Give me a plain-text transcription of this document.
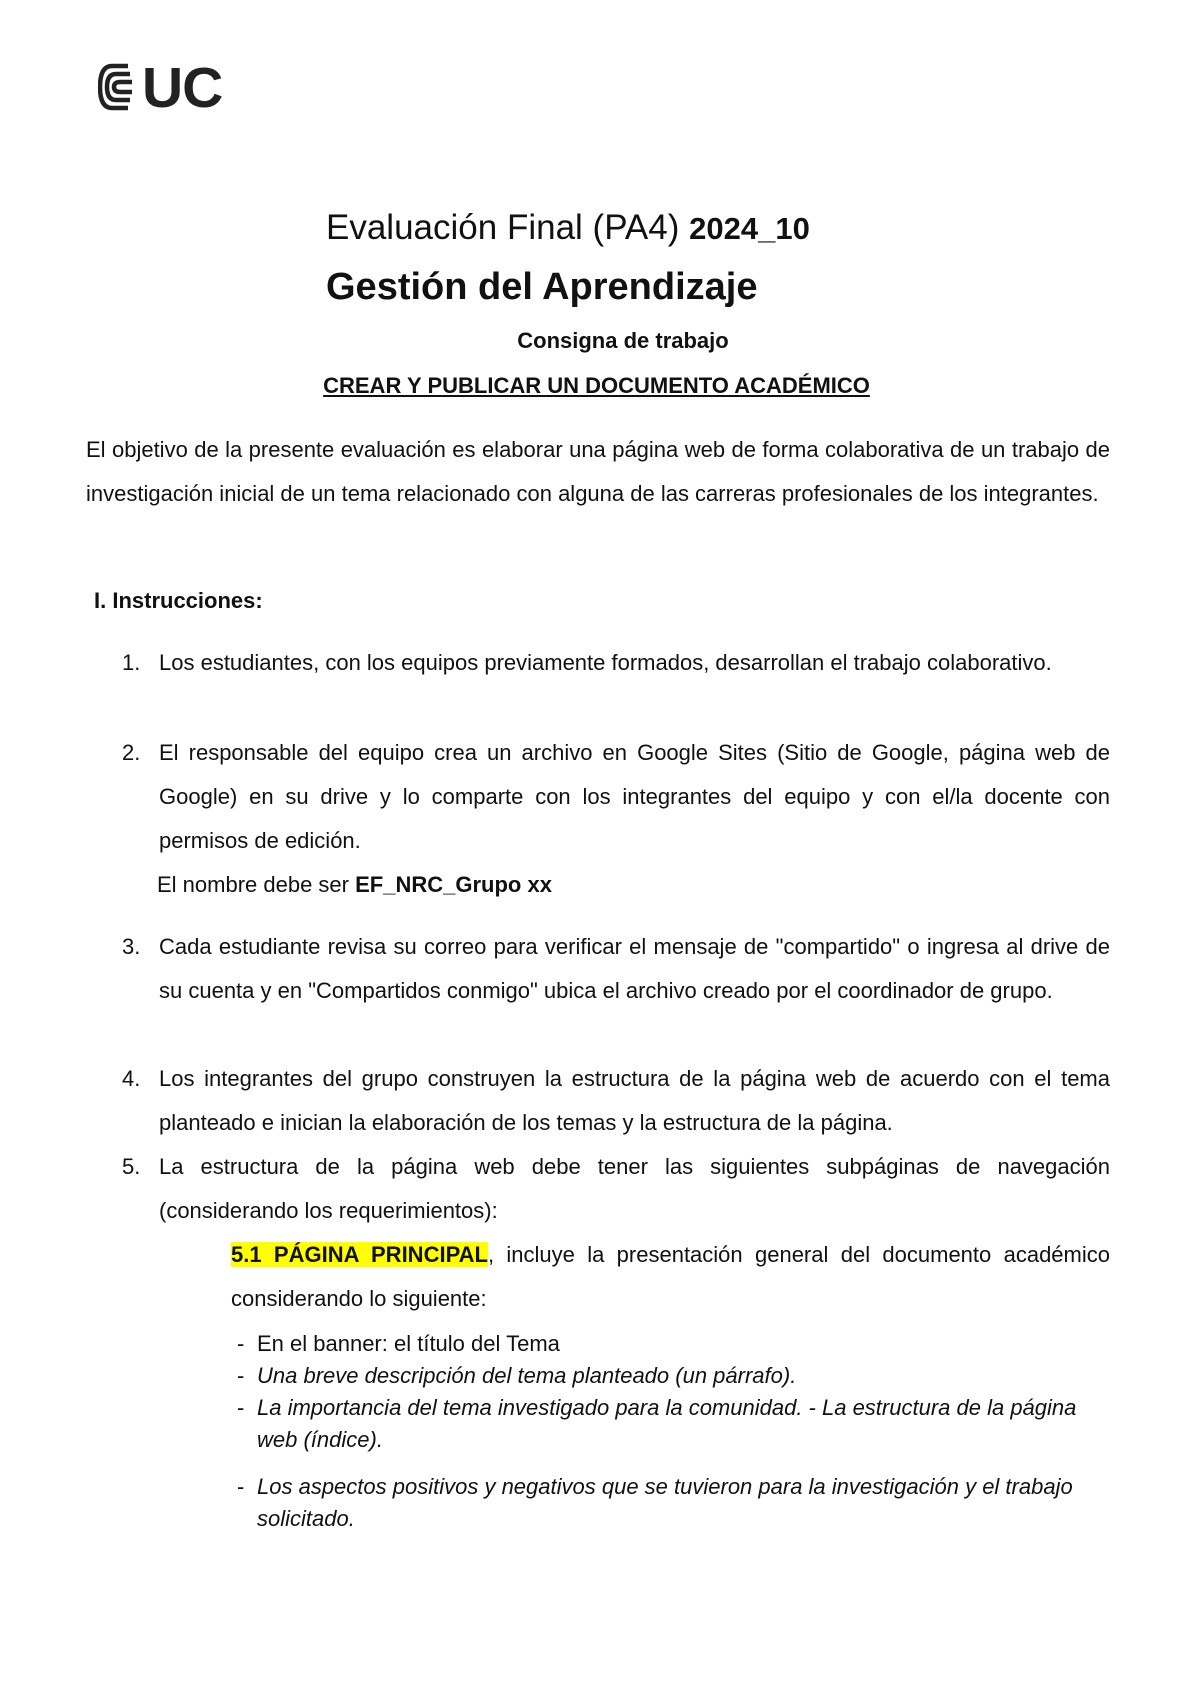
UC
Evaluación Final (PA4) 2024_10
Gestión del Aprendizaje
Consigna de trabajo
CREAR Y PUBLICAR UN DOCUMENTO ACADÉMICO
El objetivo de la presente evaluación es elaborar una página web de forma colaborativa de un trabajo de investigación inicial de un tema relacionado con alguna de las carreras profesionales de los integrantes.
I. Instrucciones:
1. Los estudiantes, con los equipos previamente formados, desarrollan el trabajo colaborativo.
2. El responsable del equipo crea un archivo en Google Sites (Sitio de Google, página web de Google) en su drive y lo comparte con los integrantes del equipo y con el/la docente con permisos de edición.
El nombre debe ser EF_NRC_Grupo xx
3. Cada estudiante revisa su correo para verificar el mensaje de "compartido" o ingresa al drive de su cuenta y en "Compartidos conmigo" ubica el archivo creado por el coordinador de grupo.
4. Los integrantes del grupo construyen la estructura de la página web de acuerdo con el tema planteado e inician la elaboración de los temas y la estructura de la página.
5. La estructura de la página web debe tener las siguientes subpáginas de navegación (considerando los requerimientos):
5.1 PÁGINA PRINCIPAL, incluye la presentación general del documento académico considerando lo siguiente:
- En el banner: el título del Tema
- Una breve descripción del tema planteado (un párrafo).
- La importancia del tema investigado para la comunidad. - La estructura de la página web (índice).
- Los aspectos positivos y negativos que se tuvieron para la investigación y el trabajo solicitado.
